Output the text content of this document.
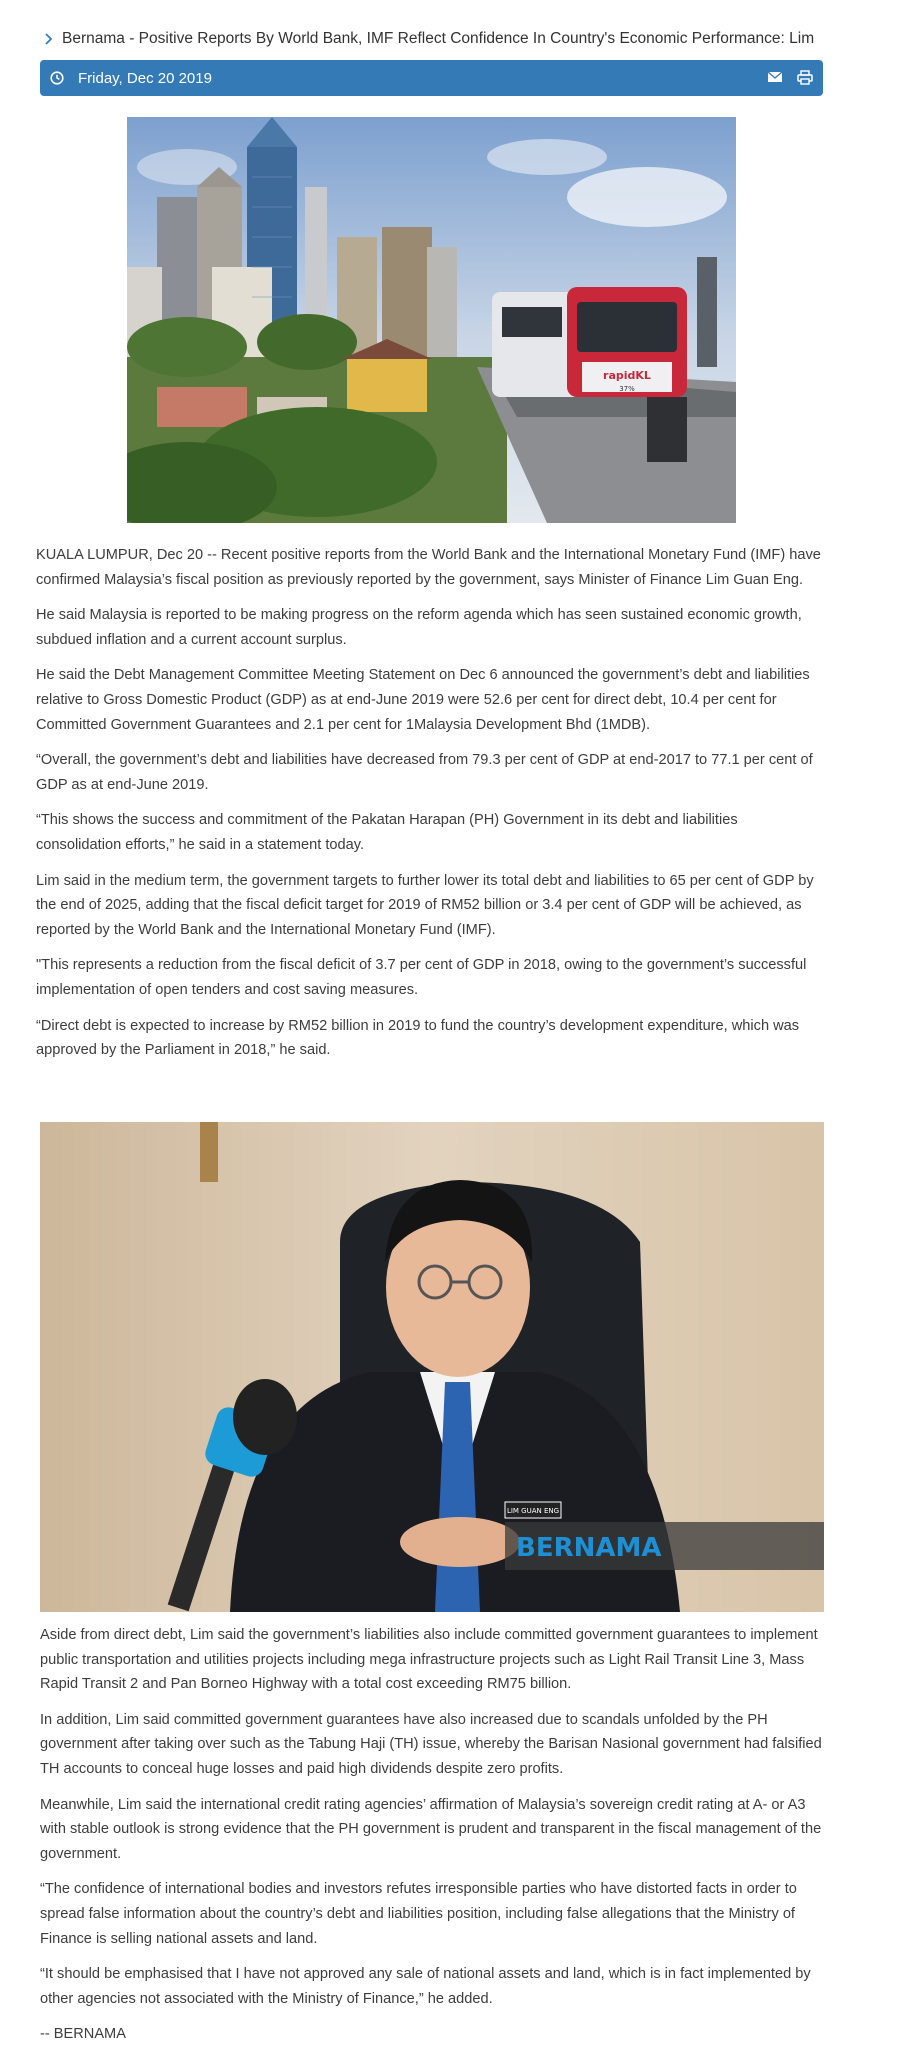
Bernama - Positive Reports By World Bank, IMF Reflect Confidence In Country's Economic Performance: Lim
Friday, Dec 20 2019
rapidKL
37%

KUALA LUMPUR, Dec 20 -- Recent positive reports from the World Bank and the International Monetary Fund (IMF) have confirmed Malaysia’s fiscal position as previously reported by the government, says Minister of Finance Lim Guan Eng.

He said Malaysia is reported to be making progress on the reform agenda which has seen sustained economic growth, subdued inflation and a current account surplus.

He said the Debt Management Committee Meeting Statement on Dec 6 announced the government’s debt and liabilities relative to Gross Domestic Product (GDP) as at end-June 2019 were 52.6 per cent for direct debt, 10.4 per cent for Committed Government Guarantees and 2.1 per cent for 1Malaysia Development Bhd (1MDB).

“Overall, the government’s debt and liabilities have decreased from 79.3 per cent of GDP at end-2017 to 77.1 per cent of GDP as at end-June 2019.

“This shows the success and commitment of the Pakatan Harapan (PH) Government in its debt and liabilities consolidation efforts,” he said in a statement today.

Lim said in the medium term, the government targets to further lower its total debt and liabilities to 65 per cent of GDP by the end of 2025, adding that the fiscal deficit target for 2019 of RM52 billion or 3.4 per cent of GDP will be achieved, as reported by the World Bank and the International Monetary Fund (IMF).

"This represents a reduction from the fiscal deficit of 3.7 per cent of GDP in 2018, owing to the government’s successful implementation of open tenders and cost saving measures.

“Direct debt is expected to increase by RM52 billion in 2019 to fund the country’s development expenditure, which was approved by the Parliament in 2018,” he said.

LIM GUAN ENG
BERNAMA

Aside from direct debt, Lim said the government’s liabilities also include committed government guarantees to implement public transportation and utilities projects including mega infrastructure projects such as Light Rail Transit Line 3, Mass Rapid Transit 2 and Pan Borneo Highway with a total cost exceeding RM75 billion.

In addition, Lim said committed government guarantees have also increased due to scandals unfolded by the PH government after taking over such as the Tabung Haji (TH) issue, whereby the Barisan Nasional government had falsified TH accounts to conceal huge losses and paid high dividends despite zero profits.

Meanwhile, Lim said the international credit rating agencies’ affirmation of Malaysia’s sovereign credit rating at A- or A3 with stable outlook is strong evidence that the PH government is prudent and transparent in the fiscal management of the government.

“The confidence of international bodies and investors refutes irresponsible parties who have distorted facts in order to spread false information about the country’s debt and liabilities position, including false allegations that the Ministry of Finance is selling national assets and land.

“It should be emphasised that I have not approved any sale of national assets and land, which is in fact implemented by other agencies not associated with the Ministry of Finance,” he added.

-- BERNAMA
